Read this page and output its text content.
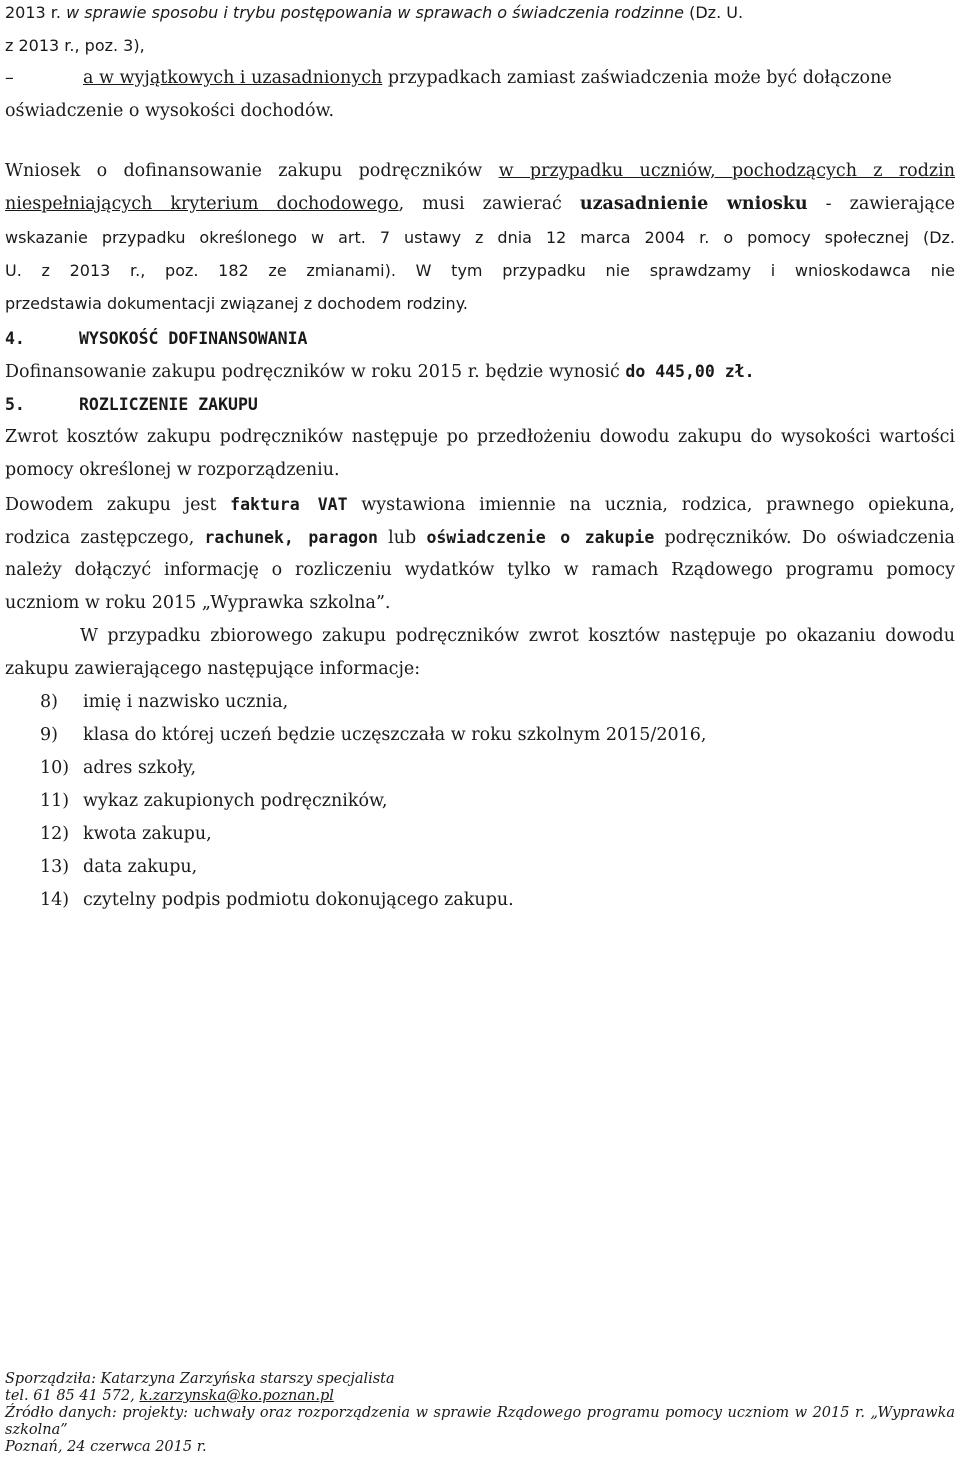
2013 r. w sprawie sposobu i trybu postępowania w sprawach o świadczenia rodzinne (Dz. U.
z 2013 r., poz. 3),
–	a w wyjątkowych i uzasadnionych przypadkach zamiast zaświadczenia może być dołączone
oświadczenie o wysokości dochodów.
Wniosek o dofinansowanie zakupu podręczników w przypadku uczniów, pochodzących z rodzin
niespełniających kryterium dochodowego, musi zawierać uzasadnienie wniosku - zawierające
wskazanie przypadku określonego w art. 7 ustawy z dnia 12 marca 2004 r. o pomocy społecznej (Dz.
U. z 2013 r., poz. 182 ze zmianami). W tym przypadku nie sprawdzamy i wnioskodawca nie
przedstawia dokumentacji związanej z dochodem rodziny.
4.	WYSOKOŚĆ DOFINANSOWANIA
Dofinansowanie zakupu podręczników w roku 2015 r. będzie wynosić do 445,00 zł.
5.	ROZLICZENIE ZAKUPU
Zwrot kosztów zakupu podręczników następuje po przedłożeniu dowodu zakupu do wysokości wartości
pomocy określonej w rozporządzeniu.
Dowodem zakupu jest faktura VAT wystawiona imiennie na ucznia, rodzica, prawnego opiekuna,
rodzica zastępczego, rachunek, paragon lub oświadczenie o zakupie podręczników. Do oświadczenia
należy dołączyć informację o rozliczeniu wydatków tylko w ramach Rządowego programu pomocy
uczniom w roku 2015 „Wyprawka szkolna”.
W przypadku zbiorowego zakupu podręczników zwrot kosztów następuje po okazaniu dowodu
zakupu zawierającego następujące informacje:
8) imię i nazwisko ucznia,
9) klasa do której uczeń będzie uczęszczała w roku szkolnym 2015/2016,
10) adres szkoły,
11) wykaz zakupionych podręczników,
12) kwota zakupu,
13) data zakupu,
14) czytelny podpis podmiotu dokonującego zakupu.
Sporządziła: Katarzyna Zarzyńska starszy specjalista
tel. 61 85 41 572, k.zarzynska@ko.poznan.pl
Źródło danych: projekty: uchwały oraz rozporządzenia w sprawie Rządowego programu pomocy uczniom w 2015 r. „Wyprawka
szkolna”
Poznań, 24 czerwca 2015 r.
